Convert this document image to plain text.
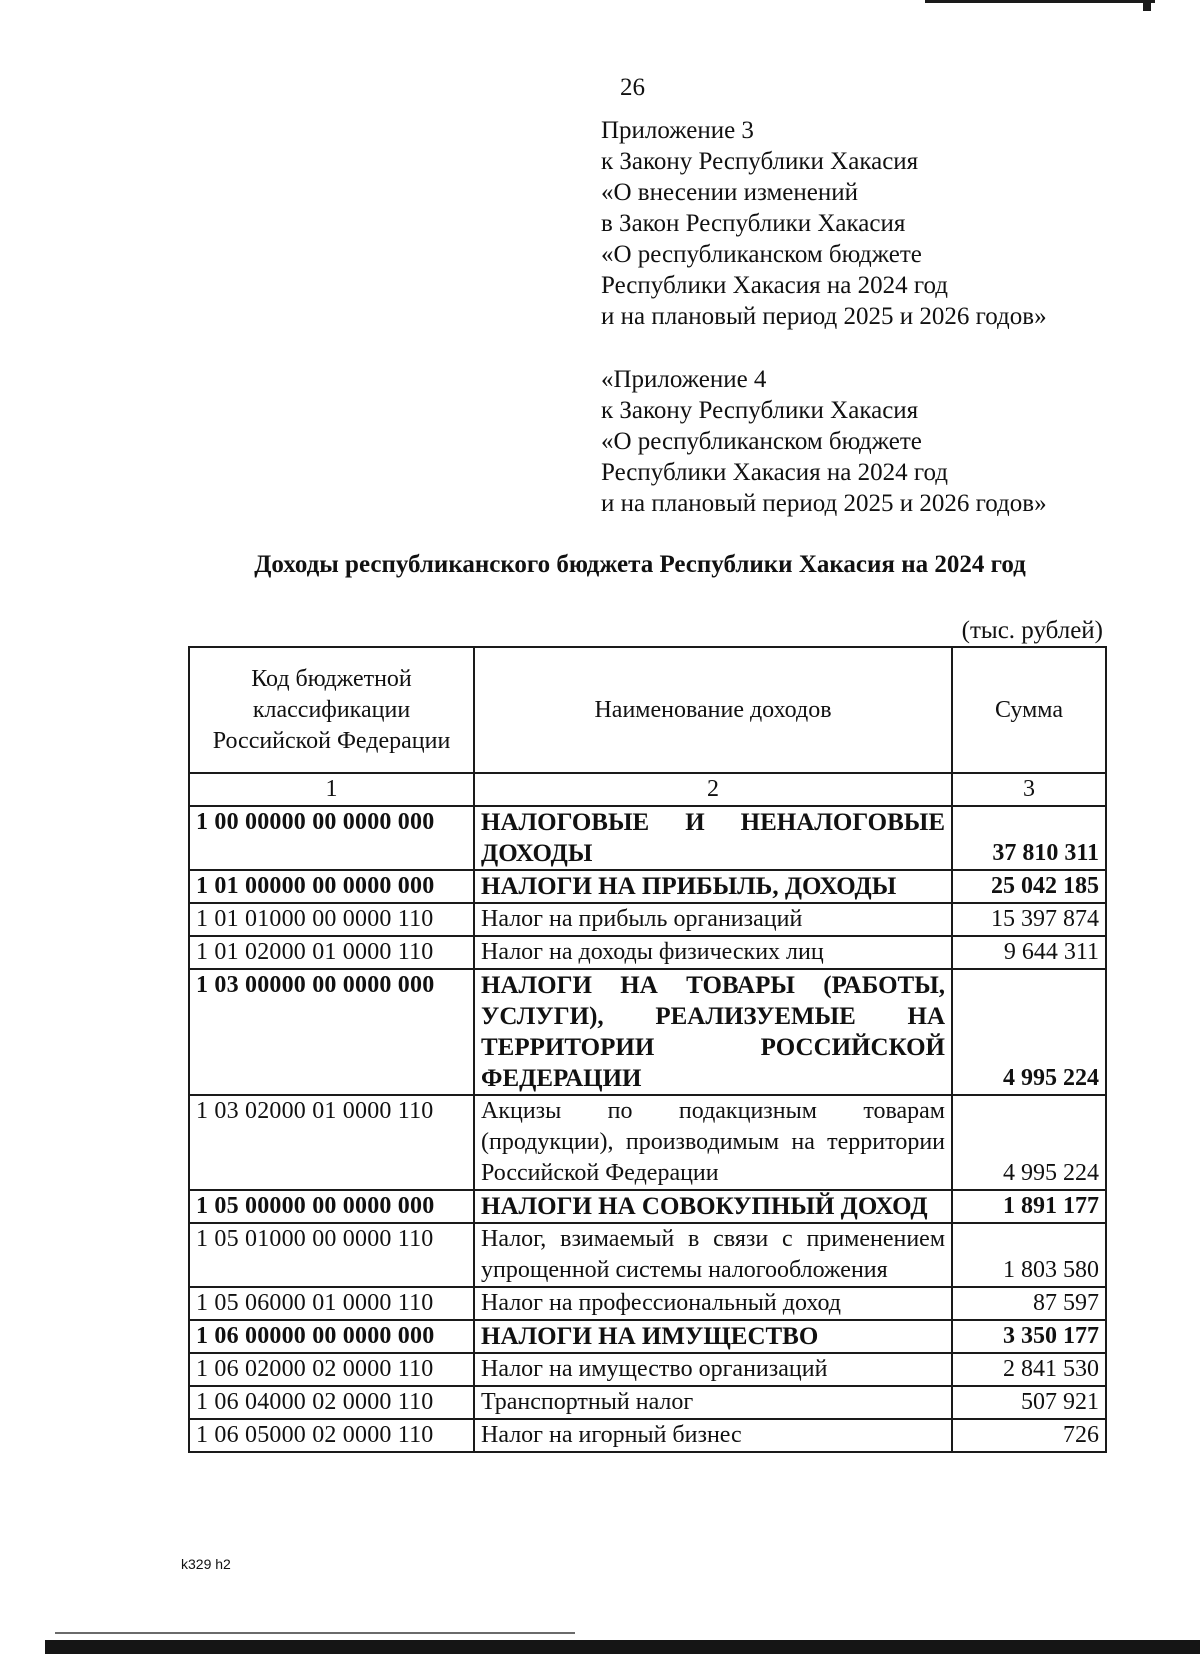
26
Приложение 3
к Закону Республики Хакасия
«О внесении изменений
в Закон Республики Хакасия
«О республиканском бюджете
Республики Хакасия на 2024 год
и на плановый период 2025 и 2026 годов»
«Приложение 4
к Закону Республики Хакасия
«О республиканском бюджете
Республики Хакасия на 2024 год
и на плановый период 2025 и 2026 годов»
Доходы республиканского бюджета Республики Хакасия на 2024 год
(тыс. рублей)
Код бюджетной классификации Российской Федерации	Наименование доходов	Сумма
1	2	3
1 00 00000 00 0000 000	НАЛОГОВЫЕ И НЕНАЛОГОВЫЕ ДОХОДЫ	37 810 311
1 01 00000 00 0000 000	НАЛОГИ НА ПРИБЫЛЬ, ДОХОДЫ	25 042 185
1 01 01000 00 0000 110	Налог на прибыль организаций	15 397 874
1 01 02000 01 0000 110	Налог на доходы физических лиц	9 644 311
1 03 00000 00 0000 000	НАЛОГИ НА ТОВАРЫ (РАБОТЫ, УСЛУГИ), РЕАЛИЗУЕМЫЕ НА ТЕРРИТОРИИ РОССИЙСКОЙ ФЕДЕРАЦИИ	4 995 224
1 03 02000 01 0000 110	Акцизы по подакцизным товарам (продукции), производимым на территории Российской Федерации	4 995 224
1 05 00000 00 0000 000	НАЛОГИ НА СОВОКУПНЫЙ ДОХОД	1 891 177
1 05 01000 00 0000 110	Налог, взимаемый в связи с применением упрощенной системы налогообложения	1 803 580
1 05 06000 01 0000 110	Налог на профессиональный доход	87 597
1 06 00000 00 0000 000	НАЛОГИ НА ИМУЩЕСТВО	3 350 177
1 06 02000 02 0000 110	Налог на имущество организаций	2 841 530
1 06 04000 02 0000 110	Транспортный налог	507 921
1 06 05000 02 0000 110	Налог на игорный бизнес	726
k329 h2
